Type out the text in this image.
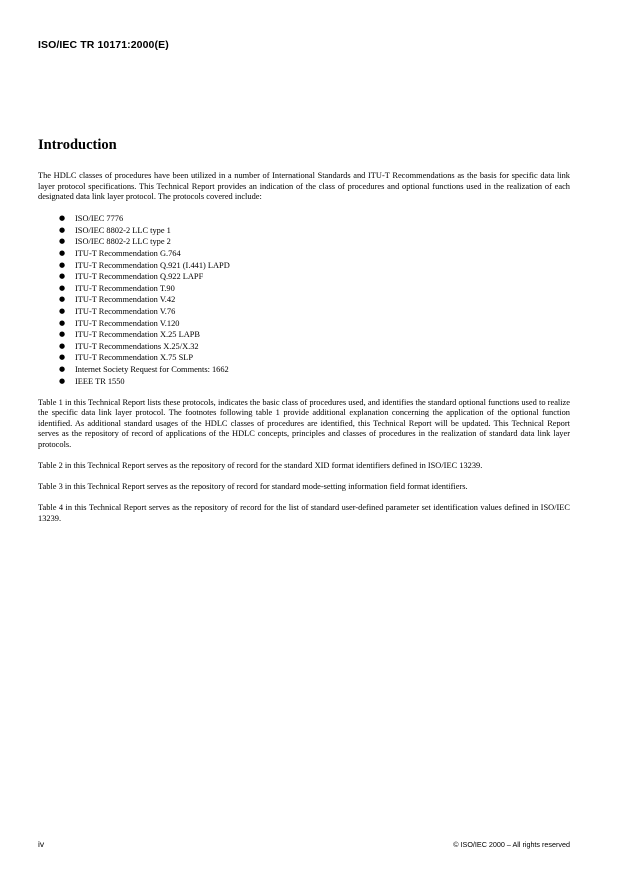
ISO/IEC TR 10171:2000(E)
Introduction

The HDLC classes of procedures have been utilized in a number of International Standards and ITU-T Recommendations as the basis for specific data link layer protocol specifications. This Technical Report provides an indication of the class of procedures and optional functions used in the realization of each designated data link layer protocol. The protocols covered include:

● ISO/IEC 7776
● ISO/IEC 8802-2 LLC type 1
● ISO/IEC 8802-2 LLC type 2
● ITU-T Recommendation G.764
● ITU-T Recommendation Q.921 (I.441) LAPD
● ITU-T Recommendation Q.922 LAPF
● ITU-T Recommendation T.90
● ITU-T Recommendation V.42
● ITU-T Recommendation V.76
● ITU-T Recommendation V.120
● ITU-T Recommendation X.25 LAPB
● ITU-T Recommendations X.25/X.32
● ITU-T Recommendation X.75 SLP
● Internet Society Request for Comments: 1662
● IEEE TR 1550

Table 1 in this Technical Report lists these protocols, indicates the basic class of procedures used, and identifies the standard optional functions used to realize the specific data link layer protocol. The footnotes following table 1 provide additional explanation concerning the application of the optional function identified. As additional standard usages of the HDLC classes of procedures are identified, this Technical Report will be updated. This Technical Report serves as the repository of record of applications of the HDLC concepts, principles and classes of procedures in the realization of standard data link layer protocols.

Table 2 in this Technical Report serves as the repository of record for the standard XID format identifiers defined in ISO/IEC 13239.

Table 3 in this Technical Report serves as the repository of record for standard mode-setting information field format identifiers.

Table 4 in this Technical Report serves as the repository of record for the list of standard user-defined parameter set identification values defined in ISO/IEC 13239.

iv	© ISO/IEC 2000 – All rights reserved
